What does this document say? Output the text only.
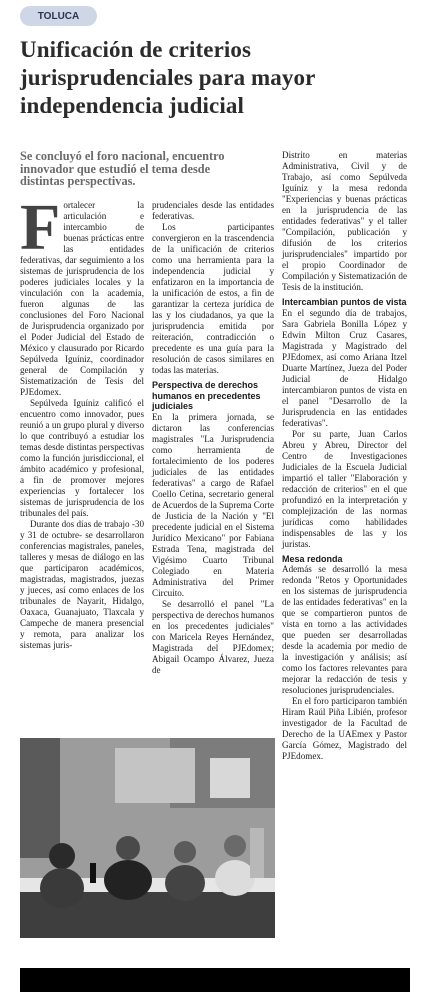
TOLUCA
Unificación de criterios
jurisprudenciales para mayor
independencia judicial
Se concluyó el foro nacional, encuentro
innovador que estudió el tema desde
distintas perspectivas.

Fortalecer la articulación e intercambio de buenas prácticas entre las entidades federativas, dar seguimiento a los sistemas de jurisprudencia de los poderes judiciales locales y la vinculación con la academia, fueron algunas de las conclusiones del Foro Nacional de Jurisprudencia organizado por el Poder Judicial del Estado de México y clausurado por Ricardo Sepúlveda Iguíniz, coordinador general de Compilación y Sistematización de Tesis del PJEdomex.

Sepúlveda Iguíniz calificó el encuentro como innovador, pues reunió a un grupo plural y diverso lo que contribuyó a estudiar los temas desde distintas perspectivas como la función jurisdiccional, el ámbito académico y profesional, a fin de promover mejores experiencias y fortalecer los sistemas de jurisprudencia de los tribunales del país.

Durante dos días de trabajo -30 y 31 de octubre- se desarrollaron conferencias magistrales, paneles, talleres y mesas de diálogo en las que participaron académicos, magistradas, magistrados, juezas y jueces, así como enlaces de los tribunales de Nayarit, Hidalgo, Oaxaca, Guanajuato, Tlaxcala y Campeche de manera presencial y remota, para analizar los sistemas juris-

prudenciales desde las entidades federativas.

Los participantes convergieron en la trascendencia de la unificación de criterios como una herramienta para la independencia judicial y enfatizaron en la importancia de la unificación de estos, a fin de garantizar la certeza jurídica de las y los ciudadanos, ya que la jurisprudencia emitida por reiteración, contradicción o precedente es una guía para la resolución de casos similares en todas las materias.

Perspectiva de derechos humanos en precedentes judiciales

En la primera jornada, se dictaron las conferencias magistrales "La Jurisprudencia como herramienta de fortalecimiento de los poderes judiciales de las entidades federativas" a cargo de Rafael Coello Cetina, secretario general de Acuerdos de la Suprema Corte de Justicia de la Nación y "El precedente judicial en el Sistema Jurídico Mexicano" por Fabiana Estrada Tena, magistrada del Vigésimo Cuarto Tribunal Colegiado en Materia Administrativa del Primer Circuito.

Se desarrolló el panel "La perspectiva de derechos humanos en los precedentes judiciales" con Maricela Reyes Hernández, Magistrada del PJEdomex; Abigail Ocampo Álvarez, Jueza de

Distrito en materias Administrativa, Civil y de Trabajo, así como Sepúlveda Iguíniz y la mesa redonda "Experiencias y buenas prácticas en la jurisprudencia de las entidades federativas" y el taller "Compilación, publicación y difusión de los criterios jurisprudenciales" impartido por el propio Coordinador de Compilación y Sistematización de Tesis de la institución.

Intercambian puntos de vista

En el segundo día de trabajos, Sara Gabriela Bonilla López y Edwin Milton Cruz Casares, Magistrada y Magistrado del PJEdomex, así como Ariana Itzel Duarte Martínez, Jueza del Poder Judicial de Hidalgo intercambiaron puntos de vista en el panel "Desarrollo de la Jurisprudencia en las entidades federativas".

Por su parte, Juan Carlos Abreu y Abreu, Director del Centro de Investigaciones Judiciales de la Escuela Judicial impartió el taller "Elaboración y redacción de criterios" en el que profundizó en la interpretación y complejización de las normas jurídicas como habilidades indispensables de las y los juristas.

Mesa redonda

Además se desarrolló la mesa redonda "Retos y Oportunidades en los sistemas de jurisprudencia de las entidades federativas" en la que se compartieron puntos de vista en torno a las actividades que pueden ser desarrolladas desde la academia por medio de la investigación y análisis; así como los factores relevantes para mejorar la redacción de tesis y resoluciones jurisprudenciales.

En el foro participaron también Hiram Raúl Piña Libién, profesor investigador de la Facultad de Derecho de la UAEmex y Pastor García Gómez, Magistrado del PJEdomex.
